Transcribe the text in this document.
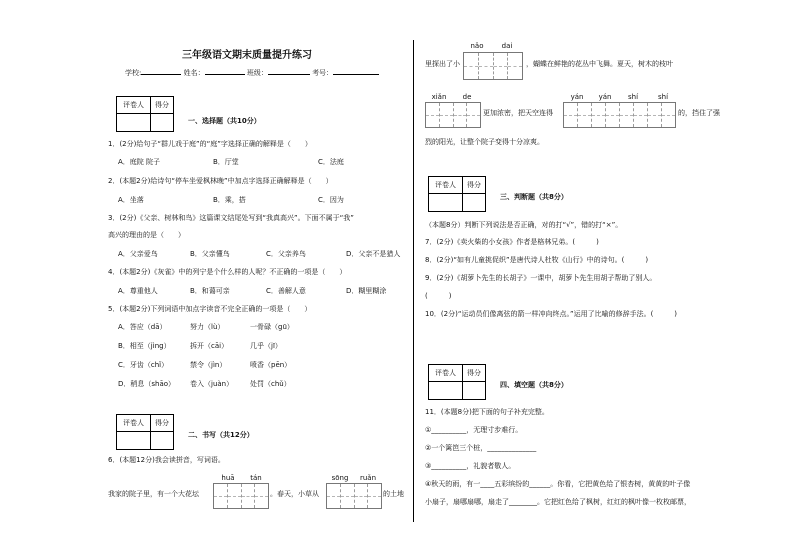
三年级语文期末质量提升练习
学校:	姓名：	班级：	考号：
评卷人	得分
一、选择题（共10分）
1．(2分)给句子“群儿戏于庭”的“庭”字选择正确的解释是（　　）
A．庭院 院子	B．厅堂	C．法庭
2．(本题2分)给诗句“停车坐爱枫林晚”中加点字选择正确解释是（　　）
A．坐落	B．乘，搭	C．因为
3．(2分)《父亲、树林和鸟》这篇课文结尾处写到“我真高兴”。下面不属于“我”
高兴的理由的是（　　）
A．父亲爱鸟	B．父亲懂鸟	C．父亲养鸟	D．父亲不是猎人
4．(本题2分)《灰雀》中的列宁是个什么样的人呢？不正确的一项是（　　）
A．尊重他人	B．和蔼可亲	C．善解人意	D．糊里糊涂
5．(本题2分)下列词语中加点字读音不完全正确的一项是（　　）
A．答应（dā）	努力（lù）	一骨碌（gū）
B．相至（jìng）	拆开（cāi）	几乎（jī）
C．牙齿（chǐ）	禁令（jìn）	喷香（pēn）
D．稍息（shāo） 卷入（juàn） 处罚（chǔ）
评卷人	得分
二、书写（共12分）
6．(本题12分)我会读拼音，写词语。
huā	tán	sōng ruǎn
我家的院子里，有一个大花坛	。春天，小草从	的土地
nǎo	dai
里探出了小	，蝴蝶在鲜艳的花丛中飞舞。夏天，树木的枝叶
xiǎn	de
更加浓密，把天空连得
yán	yán	shí	shí
的，挡住了强
烈的阳光，让整个院子变得十分凉爽。
评卷人	得分
三、判断题（共8分）
（本题8分）判断下列说法是否正确，对的打“√”，错的打“×”。
7．(2分)《卖火柴的小女孩》作者是格林兄弟。(　　　)
8．(2分)“如有儿童挑促织”是唐代诗人杜牧《山行》中的诗句。(　　　)
9．(2分)《胡萝卜先生的长胡子》一课中，胡萝卜先生用胡子帮助了别人。
(　　　)
10．(2分)“运动员们像离弦的箭一样冲向终点。”运用了比喻的修辞手法。(　　　)
评卷人	得分
四、填空题（共8分）
11．(本题8分)把下面的句子补充完整。
①__________，无理寸步难行。
②一个篱笆三个桩，______________
③__________，礼貌者敬人。
④秋天的雨，有一____五彩缤纷的______。你看，它把黄色给了银杏树，黄黄的叶子像
小扇子，扇哪扇哪，扇走了________。它把红色给了枫树，红红的枫叶像一枚枚邮票，
